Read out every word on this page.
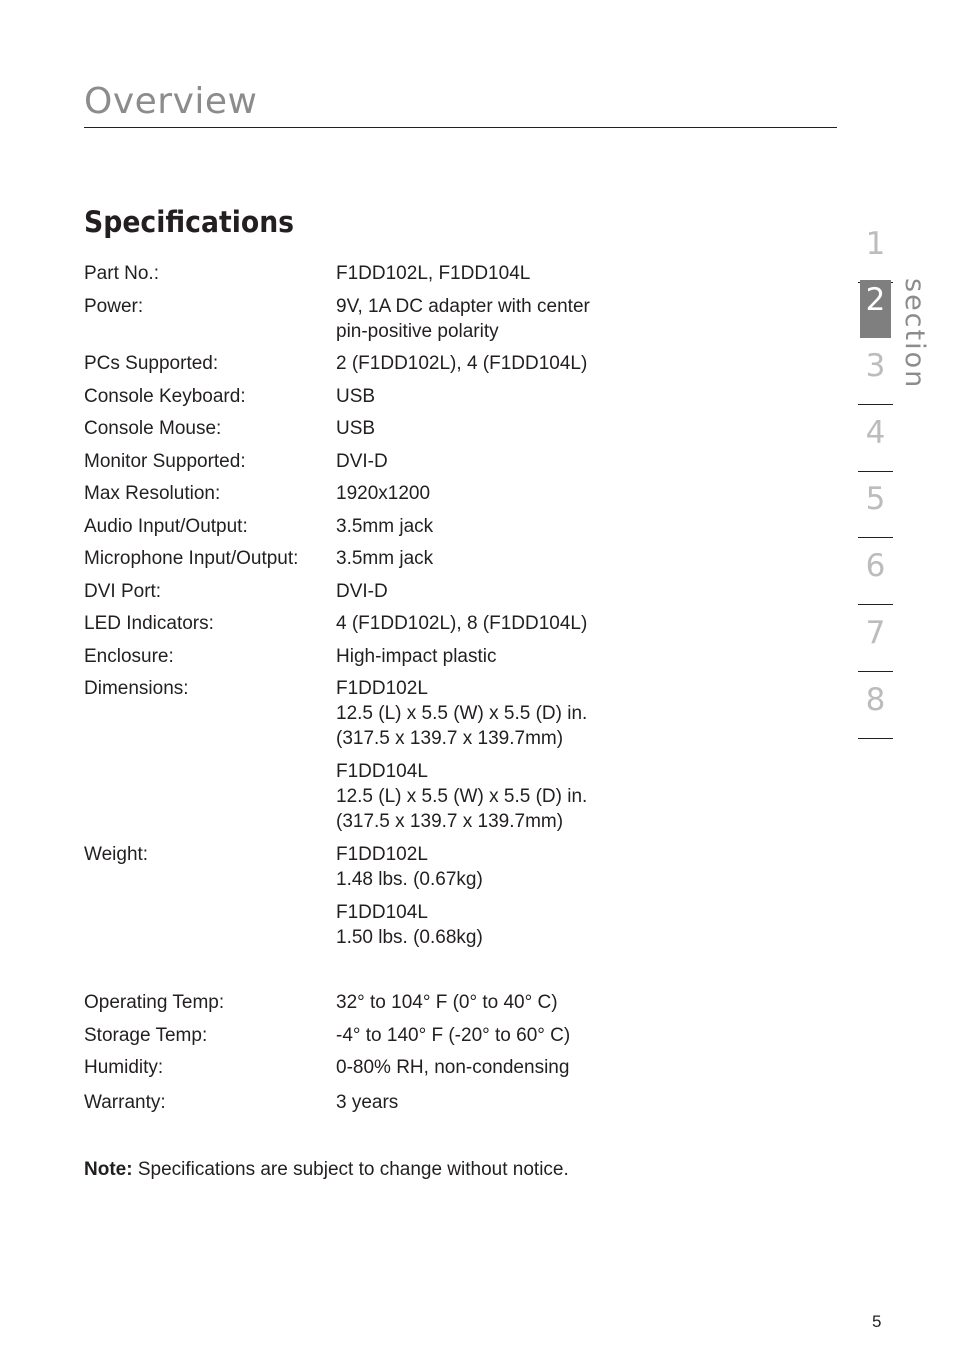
Overview
Specifications
Part No.:	F1DD102L, F1DD104L
Power:	9V, 1A DC adapter with center
pin-positive polarity
PCs Supported:	2 (F1DD102L), 4 (F1DD104L)
Console Keyboard:	USB
Console Mouse:	USB
Monitor Supported:	DVI-D
Max Resolution:	1920x1200
Audio Input/Output:	3.5mm jack
Microphone Input/Output: 3.5mm jack
DVI Port:	DVI-D
LED Indicators:	4 (F1DD102L), 8 (F1DD104L)
Enclosure:	High-impact plastic
Dimensions:	F1DD102L
12.5 (L) x 5.5 (W) x 5.5 (D) in.
(317.5 x 139.7 x 139.7mm)
F1DD104L
12.5 (L) x 5.5 (W) x 5.5 (D) in.
(317.5 x 139.7 x 139.7mm)
Weight:	F1DD102L
1.48 lbs. (0.67kg)
F1DD104L
1.50 lbs. (0.68kg)
Operating Temp:	32° to 104° F (0° to 40° C)
Storage Temp:	-4° to 140° F (-20° to 60° C)
Humidity:	0-80% RH, non-condensing
Warranty:	3 years
Note: Specifications are subject to change without notice.
1
2
3
4
5
6
7
8
section
5
